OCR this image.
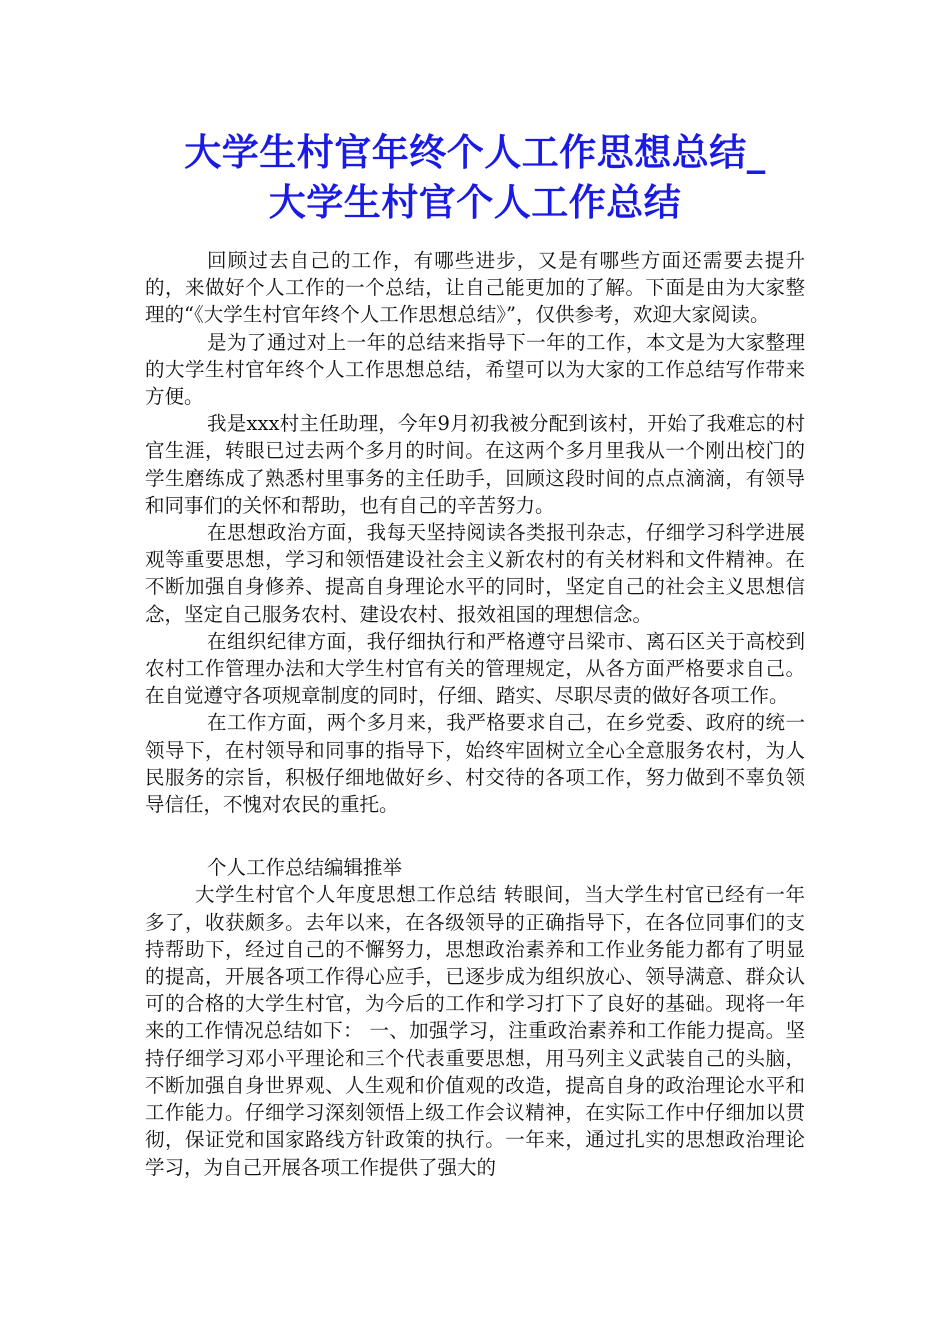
大学生村官年终个人工作思想总结_
大学生村官个人工作总结

回顾过去自己的工作，有哪些进步，又是有哪些方面还需要去提升的，来做好个人工作的一个总结，让自己能更加的了解。下面是由为大家整理的“《大学生村官年终个人工作思想总结》”，仅供参考，欢迎大家阅读。

是为了通过对上一年的总结来指导下一年的工作，本文是为大家整理的大学生村官年终个人工作思想总结，希望可以为大家的工作总结写作带来方便。

我是xxx村主任助理，今年9月初我被分配到该村，开始了我难忘的村官生涯，转眼已过去两个多月的时间。在这两个多月里我从一个刚出校门的学生磨练成了熟悉村里事务的主任助手，回顾这段时间的点点滴滴，有领导和同事们的关怀和帮助，也有自己的辛苦努力。

在思想政治方面，我每天坚持阅读各类报刊杂志，仔细学习科学进展观等重要思想，学习和领悟建设社会主义新农村的有关材料和文件精神。在不断加强自身修养、提高自身理论水平的同时，坚定自己的社会主义思想信念，坚定自己服务农村、建设农村、报效祖国的理想信念。

在组织纪律方面，我仔细执行和严格遵守吕梁市、离石区关于高校到农村工作管理办法和大学生村官有关的管理规定，从各方面严格要求自己。在自觉遵守各项规章制度的同时，仔细、踏实、尽职尽责的做好各项工作。

在工作方面，两个多月来，我严格要求自己，在乡党委、政府的统一领导下，在村领导和同事的指导下，始终牢固树立全心全意服务农村，为人民服务的宗旨，积极仔细地做好乡、村交待的各项工作，努力做到不辜负领导信任，不愧对农民的重托。

个人工作总结编辑推举

大学生村官个人年度思想工作总结 转眼间，当大学生村官已经有一年多了，收获颇多。去年以来，在各级领导的正确指导下，在各位同事们的支持帮助下，经过自己的不懈努力，思想政治素养和工作业务能力都有了明显的提高，开展各项工作得心应手，已逐步成为组织放心、领导满意、群众认可的合格的大学生村官，为今后的工作和学习打下了良好的基础。现将一年来的工作情况总结如下： 一、加强学习，注重政治素养和工作能力提高。坚持仔细学习邓小平理论和三个代表重要思想，用马列主义武装自己的头脑，不断加强自身世界观、人生观和价值观的改造，提高自身的政治理论水平和工作能力。仔细学习深刻领悟上级工作会议精神，在实际工作中仔细加以贯彻，保证党和国家路线方针政策的执行。一年来，通过扎实的思想政治理论学习，为自己开展各项工作提供了强大的
